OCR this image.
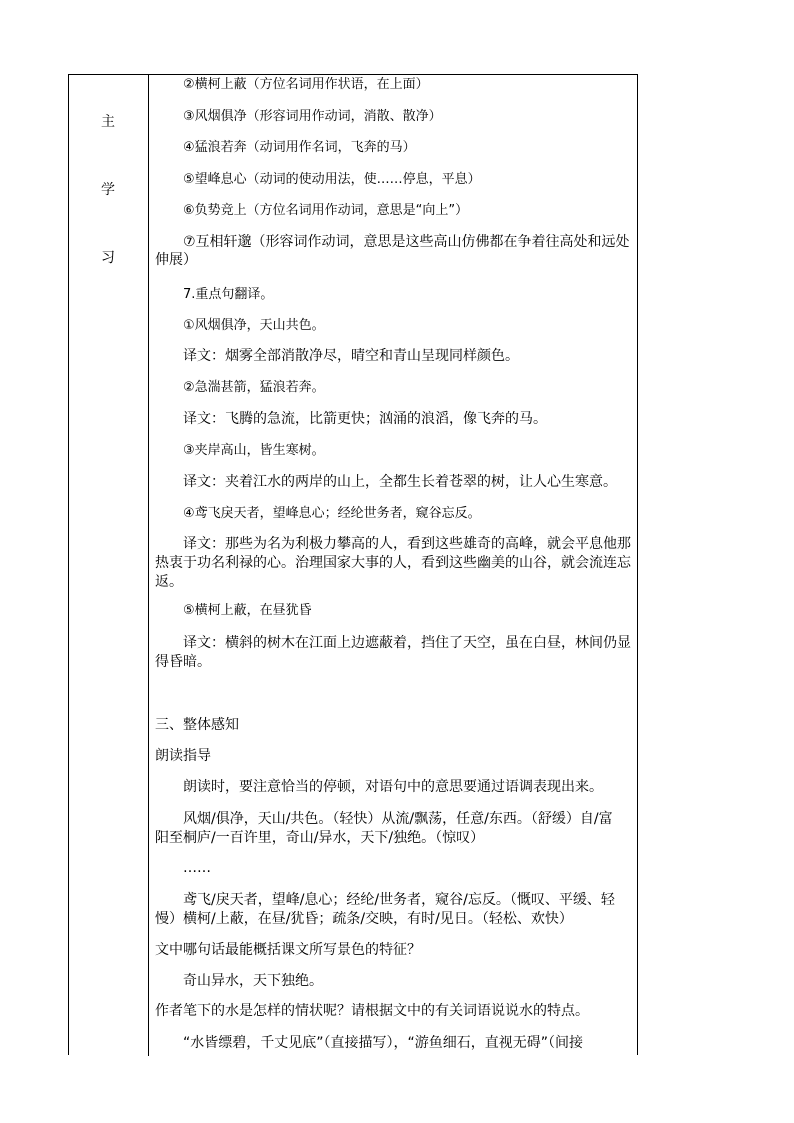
主
学
习
②横柯上蔽（方位名词用作状语，在上面）
③风烟俱净（形容词用作动词，消散、散净）
④猛浪若奔（动词用作名词，飞奔的马）
⑤望峰息心（动词的使动用法，使……停息，平息）
⑥负势竞上（方位名词用作动词，意思是“向上”）
⑦互相轩邈（形容词作动词，意思是这些高山仿佛都在争着往高处和远处
伸展）
7.重点句翻译。
①风烟俱净，天山共色。
译文：烟雾全部消散净尽，晴空和青山呈现同样颜色。
②急湍甚箭，猛浪若奔。
译文：飞腾的急流，比箭更快；汹涌的浪滔，像飞奔的马。
③夹岸高山，皆生寒树。
译文：夹着江水的两岸的山上，全都生长着苍翠的树，让人心生寒意。
④鸢飞戾天者，望峰息心；经纶世务者，窥谷忘反。
译文：那些为名为利极力攀高的人，看到这些雄奇的高峰，就会平息他那
热衷于功名利禄的心。治理国家大事的人，看到这些幽美的山谷，就会流连忘
返。
⑤横柯上蔽，在昼犹昏
译文：横斜的树木在江面上边遮蔽着，挡住了天空，虽在白昼，林间仍显
得昏暗。
三、整体感知
朗读指导
朗读时，要注意恰当的停顿，对语句中的意思要通过语调表现出来。
风烟/俱净，天山/共色。（轻快）从流/飘荡，任意/东西。（舒缓）自/富
阳至桐庐/一百许里，奇山/异水，天下/独绝。（惊叹）
……
鸢飞/戾天者，望峰/息心；经纶/世务者，窥谷/忘反。（慨叹、平缓、轻
慢）横柯/上蔽，在昼/犹昏；疏条/交映，有时/见日。（轻松、欢快）
文中哪句话最能概括课文所写景色的特征？
奇山异水，天下独绝。
作者笔下的水是怎样的情状呢？请根据文中的有关词语说说水的特点。
“水皆缥碧，千丈见底”（直接描写），“游鱼细石，直视无碍”（间接
